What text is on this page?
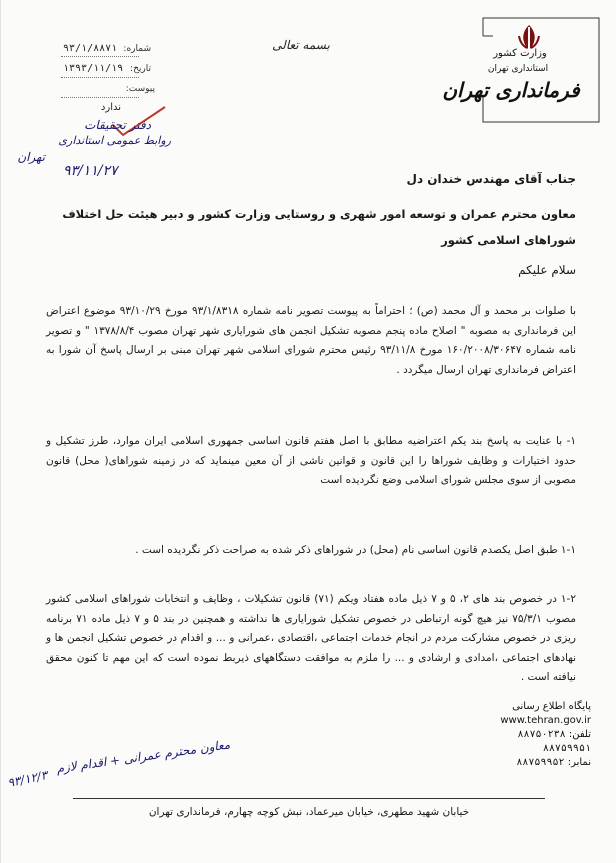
بسمه تعالی
وزارت کشور
استانداری تهران
فرمانداری تهران
شماره:
۹۳/۱/۸۸۷۱
تاریخ:
۱۳۹۳/۱۱/۱۹
پیوست:
ندارد
دفتر تحقیقات
روابط عمومی استانداری
تهران
۹۳/۱۱/۲۷	جناب آقای مهندس خندان دل
معاون محترم عمران و توسعه امور شهری و روستایی وزارت کشور و دبیر هیئت حل اختلاف
شوراهای اسلامی کشور
سلام علیکم
با صلوات بر محمد و آل محمد (ص) ؛ احتراماً به پیوست تصویر نامه شماره ۹۳/۱/۸۳۱۸ مورخ ۹۳/۱۰/۲۹ موضوع اعتراض این فرمانداری به مصوبه " اصلاح ماده پنجم مصوبه تشکیل انجمن های شورایاری شهر تهران مصوب ۱۳۷۸/۸/۴ " و تصویر نامه شماره ۱۶۰/۲۰۰۸/۳۰۶۴۷ مورخ ۹۳/۱۱/۸ رئیس محترم شورای اسلامی شهر تهران مبنی بر ارسال پاسخ آن شورا به اعتراض فرمانداری تهران ارسال میگردد .
۱- با عنایت به پاسخ بند یکم اعتراضیه مطابق با اصل هفتم قانون اساسی جمهوری اسلامی ایران موارد، طرز تشکیل و حدود اختیارات و وظایف شوراها را این قانون و قوانین ناشی از آن معین مینماید که در زمینه شوراهای( محل) قانون مصوبی از سوی مجلس شورای اسلامی وضع نگردیده است
۱-۱ طبق اصل یکصدم قانون اساسی نام (محل) در شوراهای ذکر شده به صراحت ذکر نگردیده است .
۱-۲ در خصوص بند های ۲، ۵ و ۷ ذیل ماده هفتاد ویکم (۷۱) قانون تشکیلات ، وظایف و انتخابات شوراهای اسلامی کشور مصوب ۷۵/۳/۱ نیز هیچ گونه ارتباطی در خصوص تشکیل شورایاری ها نداشته و همچنین در بند ۵ و ۷ ذیل ماده ۷۱ برنامه ریزی در خصوص مشارکت مردم در انجام خدمات اجتماعی ،اقتصادی ،عمرانی و ... و اقدام در خصوص تشکیل انجمن ها و نهادهای اجتماعی ،امدادی و ارشادی و ... را ملزم به موافقت دستگاههای ذیربط نموده است که این مهم تا کنون محقق نیافته است .
پایگاه اطلاع رسانی
www.tehran.gov.ir
تلفن: ۸۸۷۵۰۲۳۸
۸۸۷۵۹۹۵۱
نمابر: ۸۸۷۵۹۹۵۲
معاون محترم عمرانی + اقدام لازم
۹۳/۱۲/۳
خیابان شهید مطهری، خیابان میرعماد، نبش کوچه چهارم، فرمانداری تهران
